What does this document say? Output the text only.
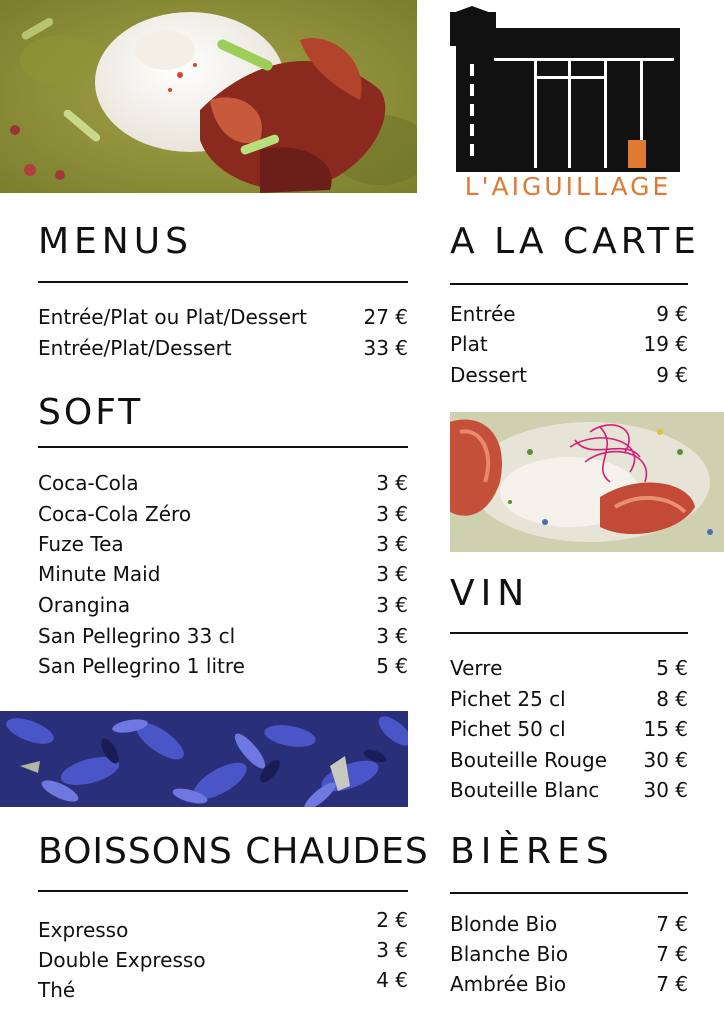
L'AIGUILLAGE
MENUS
Entrée/Plat ou Plat/Dessert	27 €
Entrée/Plat/Dessert	33 €
A LA CARTE
Entrée	9 €
Plat	19 €
Dessert	9 €
SOFT
Coca-Cola	3 €
Coca-Cola Zéro	3 €
Fuze Tea	3 €
Minute Maid	3 €
Orangina	3 €
San Pellegrino 33 cl	3 €
San Pellegrino 1 litre	5 €
VIN
Verre	5 €
Pichet 25 cl	8 €
Pichet 50 cl	15 €
Bouteille Rouge 30 €
Bouteille Blanc 30 €
BOISSONS CHAUDES
Expresso	2 €
Double Expresso	3 €
Thé	4 €
BIÈRES
Blonde Bio	7 €
Blanche Bio	7 €
Ambrée Bio	7 €
